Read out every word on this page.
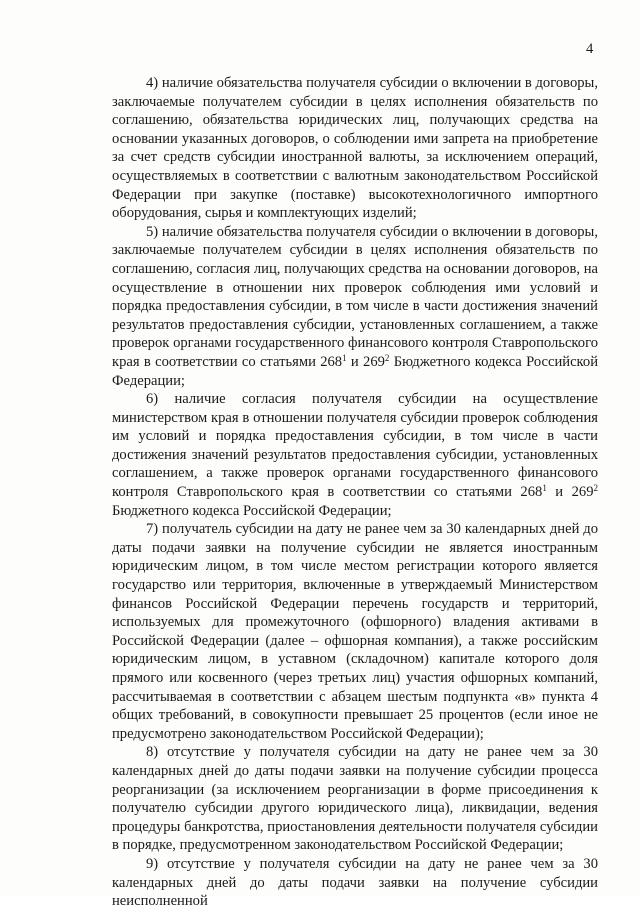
4

4) наличие обязательства получателя субсидии о включении в договоры, заключаемые получателем субсидии в целях исполнения обязательств по соглашению, обязательства юридических лиц, получающих средства на основании указанных договоров, о соблюдении ими запрета на приобретение за счет средств субсидии иностранной валюты, за исключением операций, осуществляемых в соответствии с валютным законодательством Российской Федерации при закупке (поставке) высокотехнологичного импортного оборудования, сырья и комплектующих изделий;

5) наличие обязательства получателя субсидии о включении в договоры, заключаемые получателем субсидии в целях исполнения обязательств по соглашению, согласия лиц, получающих средства на основании договоров, на осуществление в отношении них проверок соблюдения ими условий и порядка предоставления субсидии, в том числе в части достижения значений результатов предоставления субсидии, установленных соглашением, а также проверок органами государственного финансового контроля Ставропольского края в соответствии со статьями $268^1$ и $269^2$ Бюджетного кодекса Российской Федерации;

6) наличие согласия получателя субсидии на осуществление министерством края в отношении получателя субсидии проверок соблюдения им условий и порядка предоставления субсидии, в том числе в части достижения значений результатов предоставления субсидии, установленных соглашением, а также проверок органами государственного финансового контроля Ставропольского края в соответствии со статьями $268^1$ и $269^2$ Бюджетного кодекса Российской Федерации;

7) получатель субсидии на дату не ранее чем за 30 календарных дней до даты подачи заявки на получение субсидии не является иностранным юридическим лицом, в том числе местом регистрации которого является государство или территория, включенные в утверждаемый Министерством финансов Российской Федерации перечень государств и территорий, используемых для промежуточного (офшорного) владения активами в Российской Федерации (далее – офшорная компания), а также российским юридическим лицом, в уставном (складочном) капитале которого доля прямого или косвенного (через третьих лиц) участия офшорных компаний, рассчитываемая в соответствии с абзацем шестым подпункта «в» пункта 4 общих требований, в совокупности превышает 25 процентов (если иное не предусмотрено законодательством Российской Федерации);

8) отсутствие у получателя субсидии на дату не ранее чем за 30 календарных дней до даты подачи заявки на получение субсидии процесса реорганизации (за исключением реорганизации в форме присоединения к получателю субсидии другого юридического лица), ликвидации, ведения процедуры банкротства, приостановления деятельности получателя субсидии в порядке, предусмотренном законодательством Российской Федерации;

9) отсутствие у получателя субсидии на дату не ранее чем за 30 календарных дней до даты подачи заявки на получение субсидии неисполненной
